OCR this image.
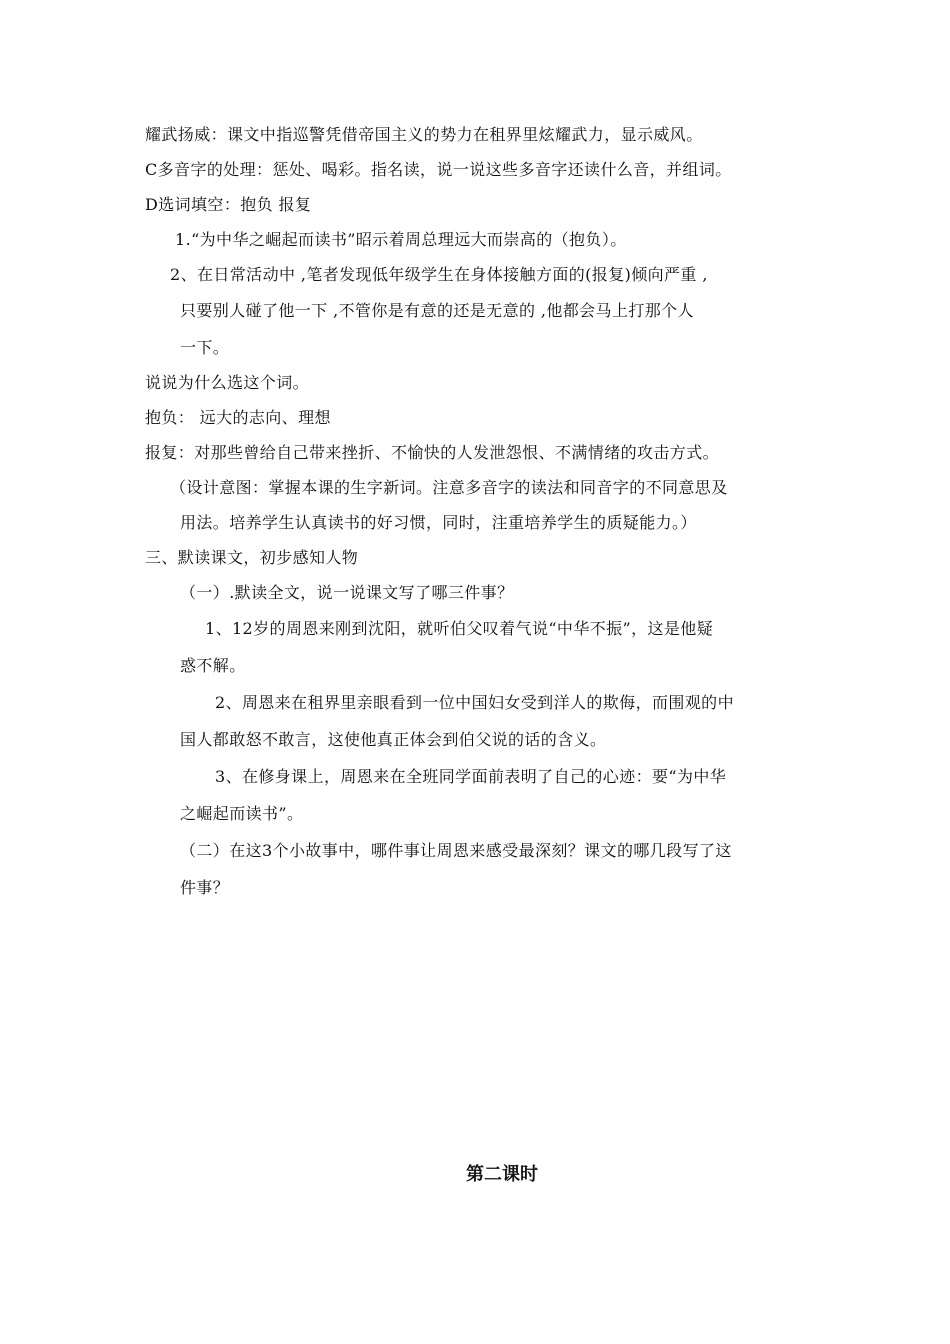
耀武扬威：课文中指巡警凭借帝国主义的势力在租界里炫耀武力，显示威风。
C多音字的处理：惩处、喝彩。指名读，说一说这些多音字还读什么音，并组词。
D选词填空：抱负 报复
1.“为中华之崛起而读书”昭示着周总理远大而崇高的（抱负）。
2、在日常活动中 ,笔者发现低年级学生在身体接触方面的(报复)倾向严重 ,
只要别人碰了他一下 ,不管你是有意的还是无意的 ,他都会马上打那个人
一下。
说说为什么选这个词。
抱负： 远大的志向、理想
报复：对那些曾给自己带来挫折、不愉快的人发泄怨恨、不满情绪的攻击方式。
（设计意图：掌握本课的生字新词。注意多音字的读法和同音字的不同意思及
用法。培养学生认真读书的好习惯，同时，注重培养学生的质疑能力。）
三、默读课文，初步感知人物
（一）.默读全文，说一说课文写了哪三件事？
1、12岁的周恩来刚到沈阳，就听伯父叹着气说“中华不振”，这是他疑
惑不解。
2、周恩来在租界里亲眼看到一位中国妇女受到洋人的欺侮，而围观的中
国人都敢怒不敢言，这使他真正体会到伯父说的话的含义。
3、在修身课上，周恩来在全班同学面前表明了自己的心迹：要“为中华
之崛起而读书”。
（二）在这3个小故事中，哪件事让周恩来感受最深刻？课文的哪几段写了这
件事？
第二课时
